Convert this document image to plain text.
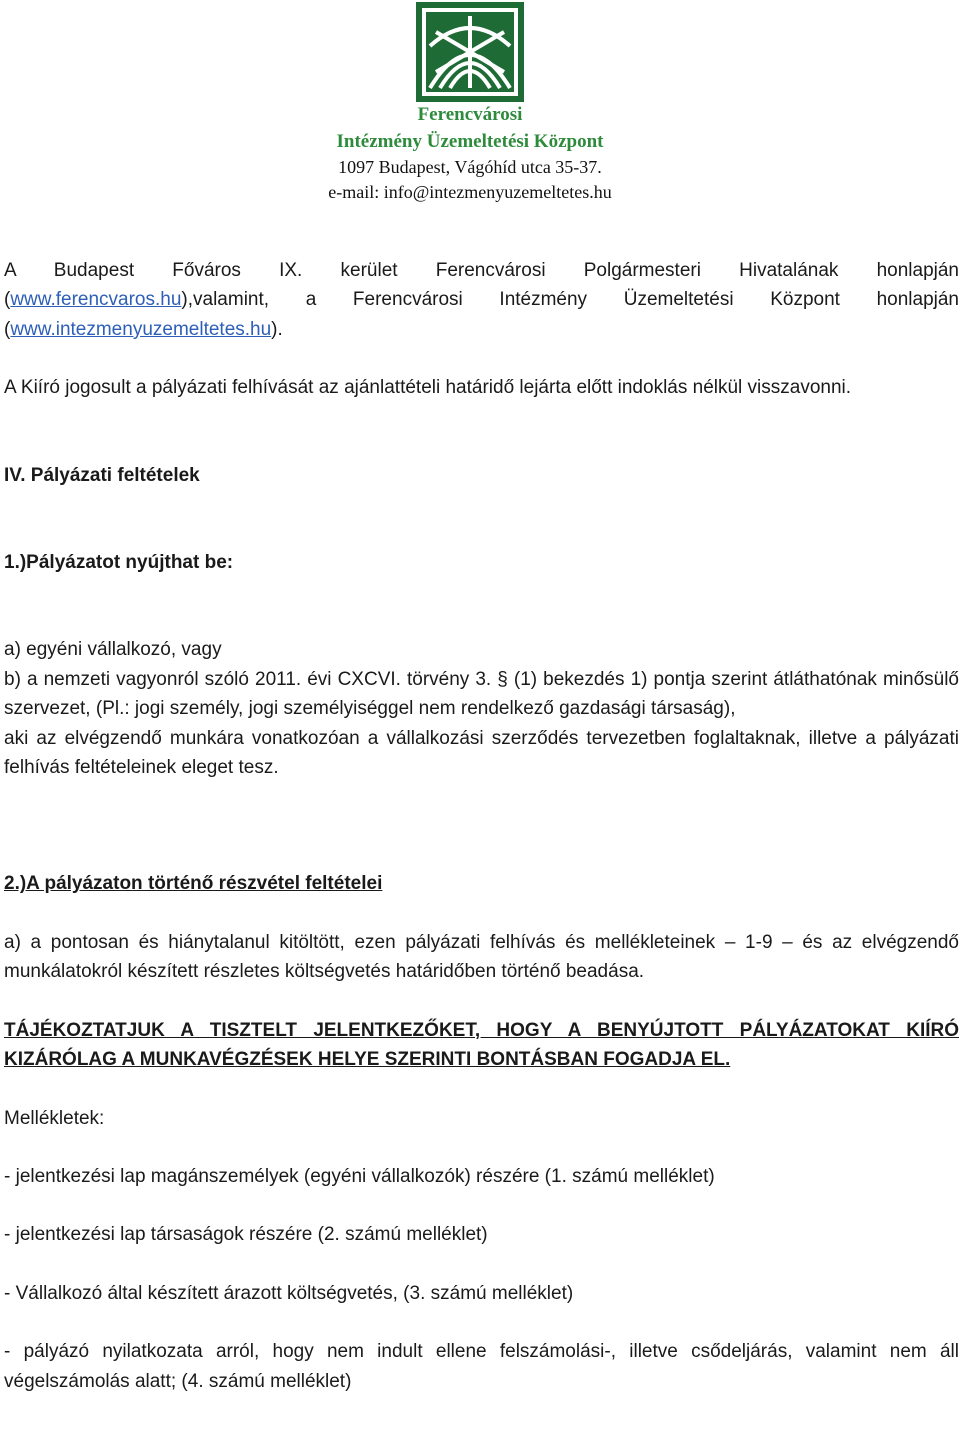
Ferencvárosi
Intézmény Üzemeltetési Központ
1097 Budapest, Vágóhíd utca 35-37.
e-mail: info@intezmenyuzemeltetes.hu

A Budapest Főváros IX. kerület Ferencvárosi Polgármesteri Hivatalának honlapján (www.ferencvaros.hu),valamint, a Ferencvárosi Intézmény Üzemeltetési Központ honlapján (www.intezmenyuzemeltetes.hu).

A Kiíró jogosult a pályázati felhívását az ajánlattételi határidő lejárta előtt indoklás nélkül visszavonni.

IV. Pályázati feltételek

1.)Pályázatot nyújthat be:

a) egyéni vállalkozó, vagy

b) a nemzeti vagyonról szóló 2011. évi CXCVI. törvény 3. § (1) bekezdés 1) pontja szerint átláthatónak minősülő szervezet, (Pl.: jogi személy, jogi személyiséggel nem rendelkező gazdasági társaság),

aki az elvégzendő munkára vonatkozóan a vállalkozási szerződés tervezetben foglaltaknak, illetve a pályázati felhívás feltételeinek eleget tesz.

2.)A pályázaton történő részvétel feltételei

a) a pontosan és hiánytalanul kitöltött, ezen pályázati felhívás és mellékleteinek – 1-9 – és az elvégzendő munkálatokról készített részletes költségvetés határidőben történő beadása.

TÁJÉKOZTATJUK A TISZTELT JELENTKEZŐKET, HOGY A BENYÚJTOTT PÁLYÁZATOKAT KIÍRÓ KIZÁRÓLAG A MUNKAVÉGZÉSEK HELYE SZERINTI BONTÁSBAN FOGADJA EL.

Mellékletek:

- jelentkezési lap magánszemélyek (egyéni vállalkozók) részére (1. számú melléklet)

- jelentkezési lap társaságok részére (2. számú melléklet)

- Vállalkozó által készített árazott költségvetés, (3. számú melléklet)

- pályázó nyilatkozata arról, hogy nem indult ellene felszámolási-, illetve csődeljárás, valamint nem áll végelszámolás alatt; (4. számú melléklet)
